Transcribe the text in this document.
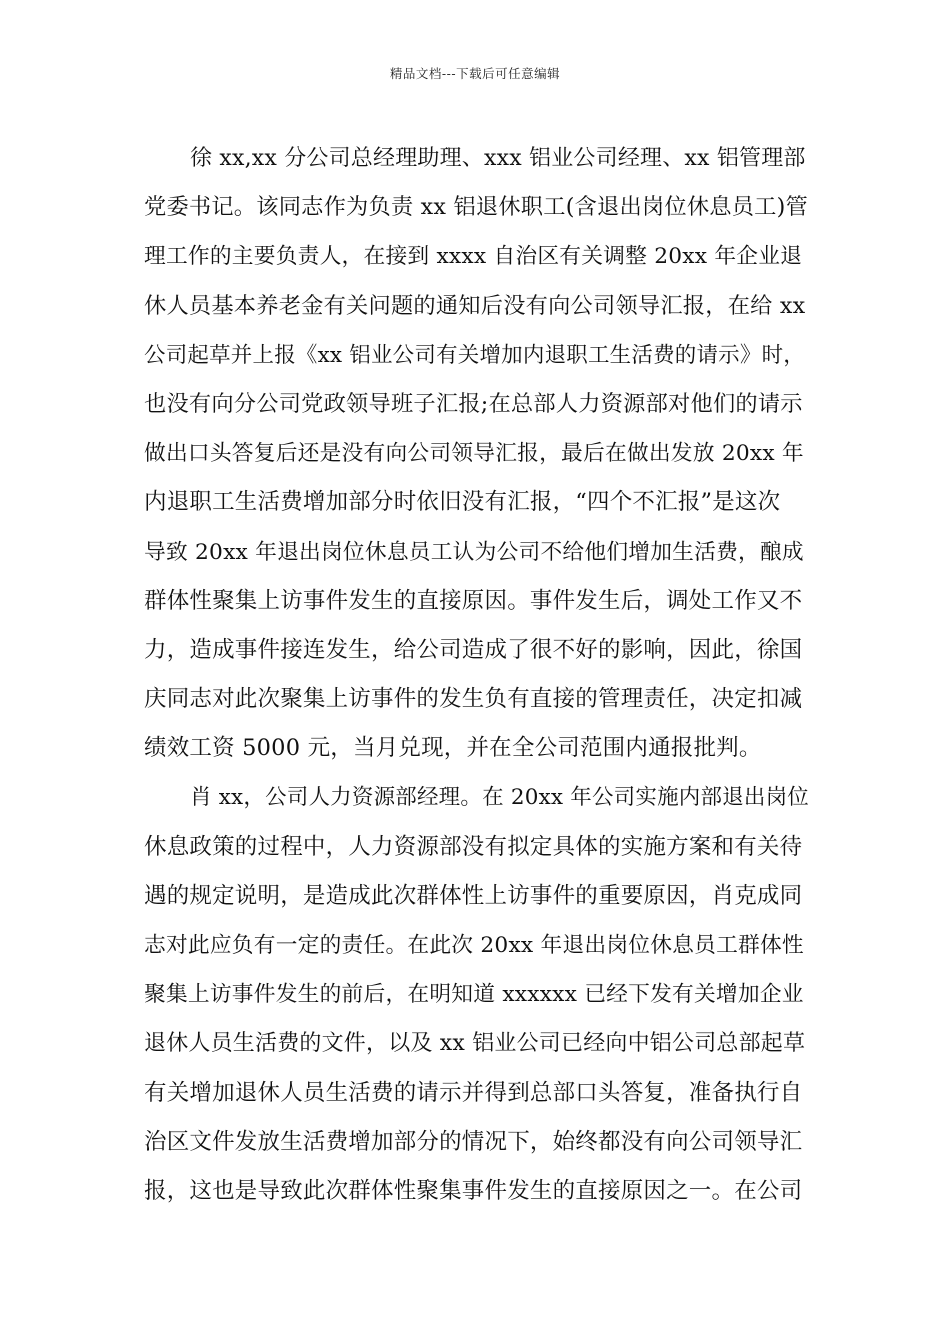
精品文档---下载后可任意编辑
徐 xx,xx 分公司总经理助理、xxx 铝业公司经理、xx 铝管理部
党委书记。该同志作为负责 xx 铝退休职工(含退出岗位休息员工)管
理工作的主要负责人，在接到 xxxx 自治区有关调整 20xx 年企业退
休人员基本养老金有关问题的通知后没有向公司领导汇报，在给 xx
公司起草并上报《xx 铝业公司有关增加内退职工生活费的请示》时，
也没有向分公司党政领导班子汇报;在总部人力资源部对他们的请示
做出口头答复后还是没有向公司领导汇报，最后在做出发放 20xx 年
内退职工生活费增加部分时依旧没有汇报，“四个不汇报”是这次
导致 20xx 年退出岗位休息员工认为公司不给他们增加生活费，酿成
群体性聚集上访事件发生的直接原因。事件发生后，调处工作又不
力，造成事件接连发生，给公司造成了很不好的影响，因此，徐国
庆同志对此次聚集上访事件的发生负有直接的管理责任，决定扣减
绩效工资 5000 元，当月兑现，并在全公司范围内通报批判。
肖 xx，公司人力资源部经理。在 20xx 年公司实施内部退出岗位
休息政策的过程中，人力资源部没有拟定具体的实施方案和有关待
遇的规定说明，是造成此次群体性上访事件的重要原因，肖克成同
志对此应负有一定的责任。在此次 20xx 年退出岗位休息员工群体性
聚集上访事件发生的前后，在明知道 xxxxxx 已经下发有关增加企业
退休人员生活费的文件，以及 xx 铝业公司已经向中铝公司总部起草
有关增加退休人员生活费的请示并得到总部口头答复，准备执行自
治区文件发放生活费增加部分的情况下，始终都没有向公司领导汇
报，这也是导致此次群体性聚集事件发生的直接原因之一。在公司
